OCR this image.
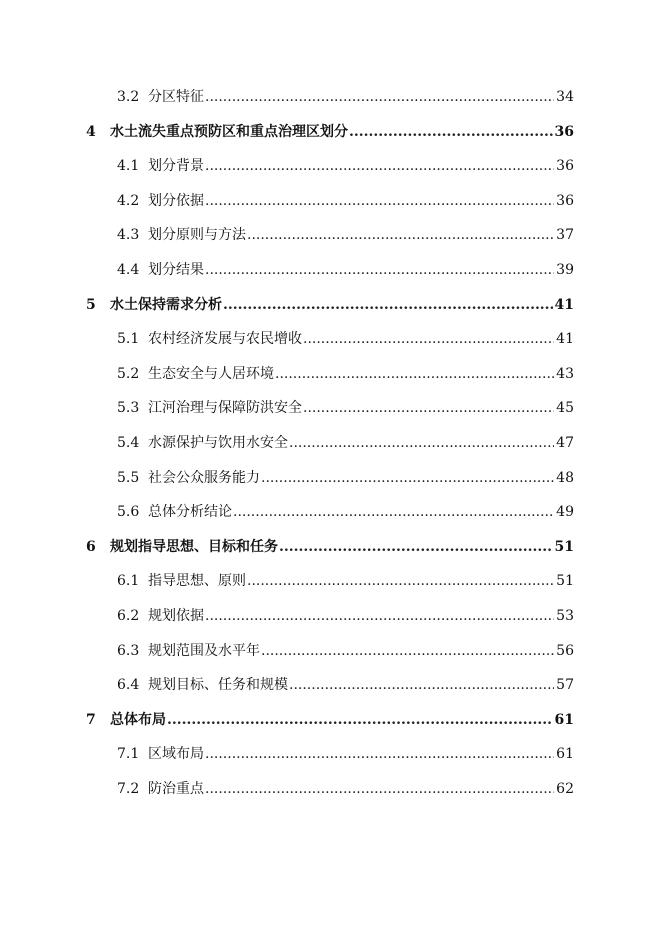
3.2 分区特征 .....	34
4 水土流失重点预防区和重点治理区划分 .....	36
4.1 划分背景 .....	36
4.2 划分依据 .....	36
4.3 划分原则与方法 .....	37
4.4 划分结果 .....	39
5 水土保持需求分析 .....	41
5.1 农村经济发展与农民增收 .....	41
5.2 生态安全与人居环境 .....	43
5.3 江河治理与保障防洪安全 .....	45
5.4 水源保护与饮用水安全 .....	47
5.5 社会公众服务能力 .....	48
5.6 总体分析结论 .....	49
6 规划指导思想、目标和任务 .....	51
6.1 指导思想、原则 .....	51
6.2 规划依据 .....	53
6.3 规划范围及水平年 .....	56
6.4 规划目标、任务和规模 .....	57
7 总体布局 .....	61
7.1 区域布局 .....	61
7.2 防治重点 .....	62
